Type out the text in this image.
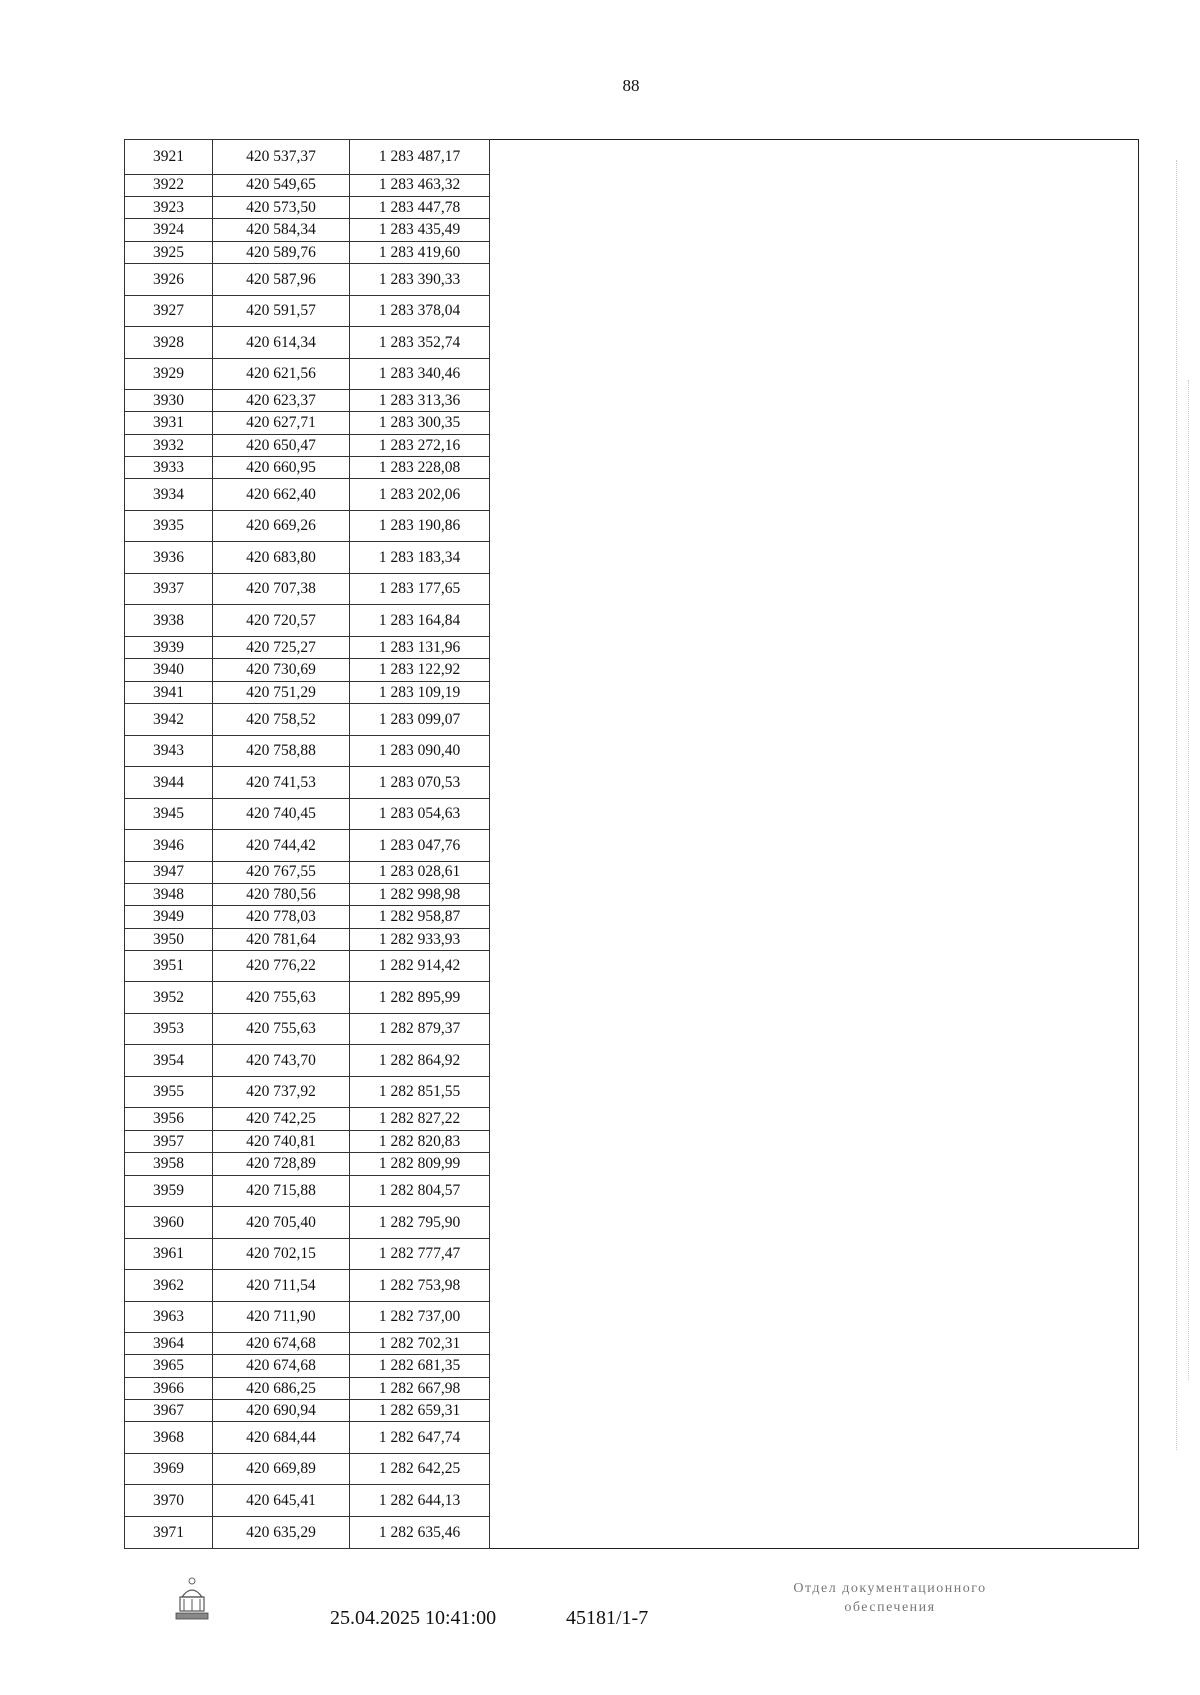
88
3921	420 537,37	1 283 487,17
3922	420 549,65	1 283 463,32
3923	420 573,50	1 283 447,78
3924	420 584,34	1 283 435,49
3925	420 589,76	1 283 419,60
3926	420 587,96	1 283 390,33
3927	420 591,57	1 283 378,04
3928	420 614,34	1 283 352,74
3929	420 621,56	1 283 340,46
3930	420 623,37	1 283 313,36
3931	420 627,71	1 283 300,35
3932	420 650,47	1 283 272,16
3933	420 660,95	1 283 228,08
3934	420 662,40	1 283 202,06
3935	420 669,26	1 283 190,86
3936	420 683,80	1 283 183,34
3937	420 707,38	1 283 177,65
3938	420 720,57	1 283 164,84
3939	420 725,27	1 283 131,96
3940	420 730,69	1 283 122,92
3941	420 751,29	1 283 109,19
3942	420 758,52	1 283 099,07
3943	420 758,88	1 283 090,40
3944	420 741,53	1 283 070,53
3945	420 740,45	1 283 054,63
3946	420 744,42	1 283 047,76
3947	420 767,55	1 283 028,61
3948	420 780,56	1 282 998,98
3949	420 778,03	1 282 958,87
3950	420 781,64	1 282 933,93
3951	420 776,22	1 282 914,42
3952	420 755,63	1 282 895,99
3953	420 755,63	1 282 879,37
3954	420 743,70	1 282 864,92
3955	420 737,92	1 282 851,55
3956	420 742,25	1 282 827,22
3957	420 740,81	1 282 820,83
3958	420 728,89	1 282 809,99
3959	420 715,88	1 282 804,57
3960	420 705,40	1 282 795,90
3961	420 702,15	1 282 777,47
3962	420 711,54	1 282 753,98
3963	420 711,90	1 282 737,00
3964	420 674,68	1 282 702,31
3965	420 674,68	1 282 681,35
3966	420 686,25	1 282 667,98
3967	420 690,94	1 282 659,31
3968	420 684,44	1 282 647,74
3969	420 669,89	1 282 642,25
3970	420 645,41	1 282 644,13
3971	420 635,29	1 282 635,46
25.04.2025 10:41:00	45181/1-7
Отдел документационного
обеспечения
